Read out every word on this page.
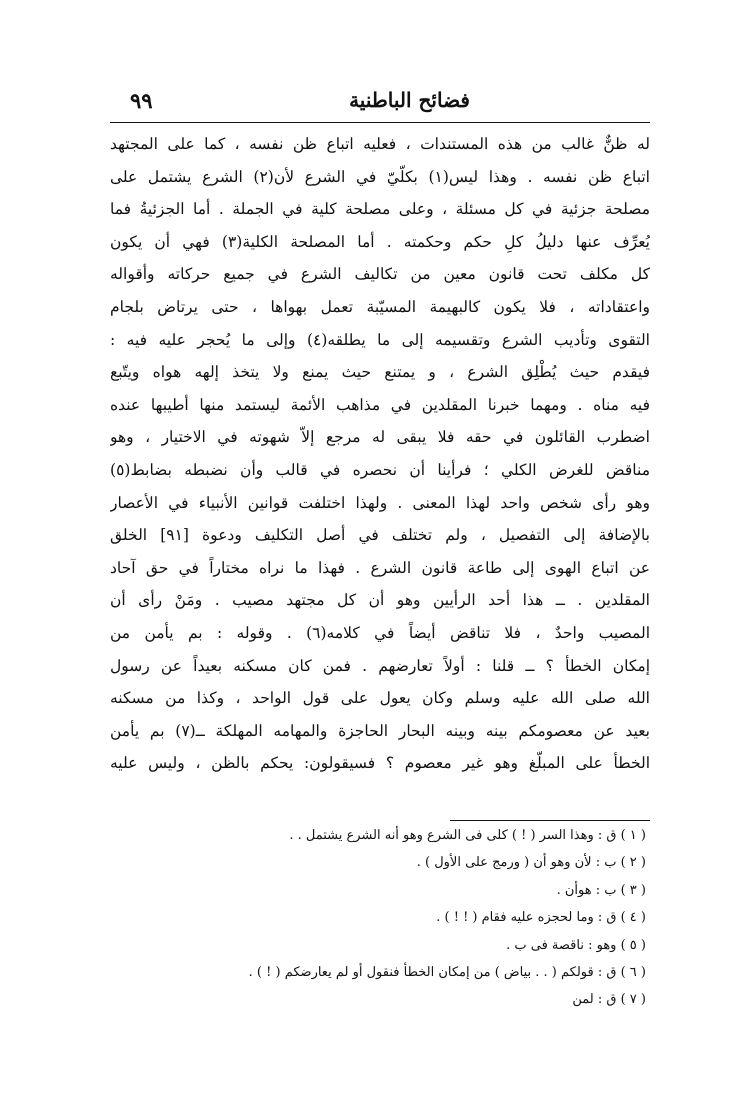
فضائح الباطنية
٩٩
له ظنٌّ غالب من هذه المستندات ، فعليه اتباع ظن نفسه ، كما على المجتهد
اتباع ظن نفسه . وهذا ليس(١) بكلّيّ في الشرع لأن(٢) الشرع يشتمل على
مصلحة جزئية في كل مسئلة ، وعلى مصلحة كلية في الجملة . أما الجزئيةُ فما
يُعرِّف عنها دليلُ كلِ حكم وحكمته . أما المصلحة الكلية(٣) فهي أن يكون
كل مكلف تحت قانون معين من تكاليف الشرع في جميع حركاته وأقواله
واعتقاداته ، فلا يكون كالبهيمة المسيّبة تعمل بهواها ، حتى يرتاض بلجام
التقوى وتأديب الشرع وتقسيمه إلى ما يطلقه(٤) وإلى ما يُحجر عليه فيه :
فيقدم حيث يُطْلِق الشرع ، و يمتنع حيث يمنع ولا يتخذ إلهه هواه ويتّبع
فيه مناه . ومهما خبرنا المقلدين في مذاهب الأئمة ليستمد منها أطيبها عنده
اضطرب القائلون في حقه فلا يبقى له مرجع إلاّ شهوته في الاختيار ، وهو
مناقض للغرض الكلي ؛ فرأينا أن نحصره في قالب وأن نضبطه بضابط(٥)
وهو رأى شخص واحد لهذا المعنى . ولهذا اختلفت قوانين الأنبياء في الأعصار
بالإضافة إلى التفصيل ، ولم تختلف في أصل التكليف ودعوة [٩١] الخلق
عن اتباع الهوى إلى طاعة قانون الشرع . فهذا ما نراه مختاراً في حق آحاد
المقلدين . ــ هذا أحد الرأيين وهو أن كل مجتهد مصيب . ومَنْ رأى أن
المصيب واحدٌ ، فلا تناقض أيضاً في كلامه(٦) . وقوله : بم يأمن من
إمكان الخطأ ؟ ــ قلنا : أولاً تعارضهم . فمن كان مسكنه بعيداً عن رسول
الله صلى الله عليه وسلم وكان يعول على قول الواحد ، وكذا من مسكنه
بعيد عن معصومكم بينه وبينه البحار الحاجزة والمهامه المهلكة ــ(٧) بم يأمن
الخطأ على المبلّغ وهو غير معصوم ؟ فسيقولون: يحكم بالظن ، وليس عليه
( ١ ) ق : وهذا السر ( ! ) كلى فى الشرع وهو أنه الشرع يشتمل . .
( ٢ ) ب : لأن وهو أن ( ورمج على الأول ) .
( ٣ ) ب : هوأن .
( ٤ ) ق : وما لحجزه عليه فقام ( ! ! ) .
( ٥ ) وهو : ناقصة فى ب .
( ٦ ) ق : قولكم ( . . بياض ) من إمكان الخطأ فنقول أو لم يعارضكم ( ! ) .
( ٧ ) ق : لمن
